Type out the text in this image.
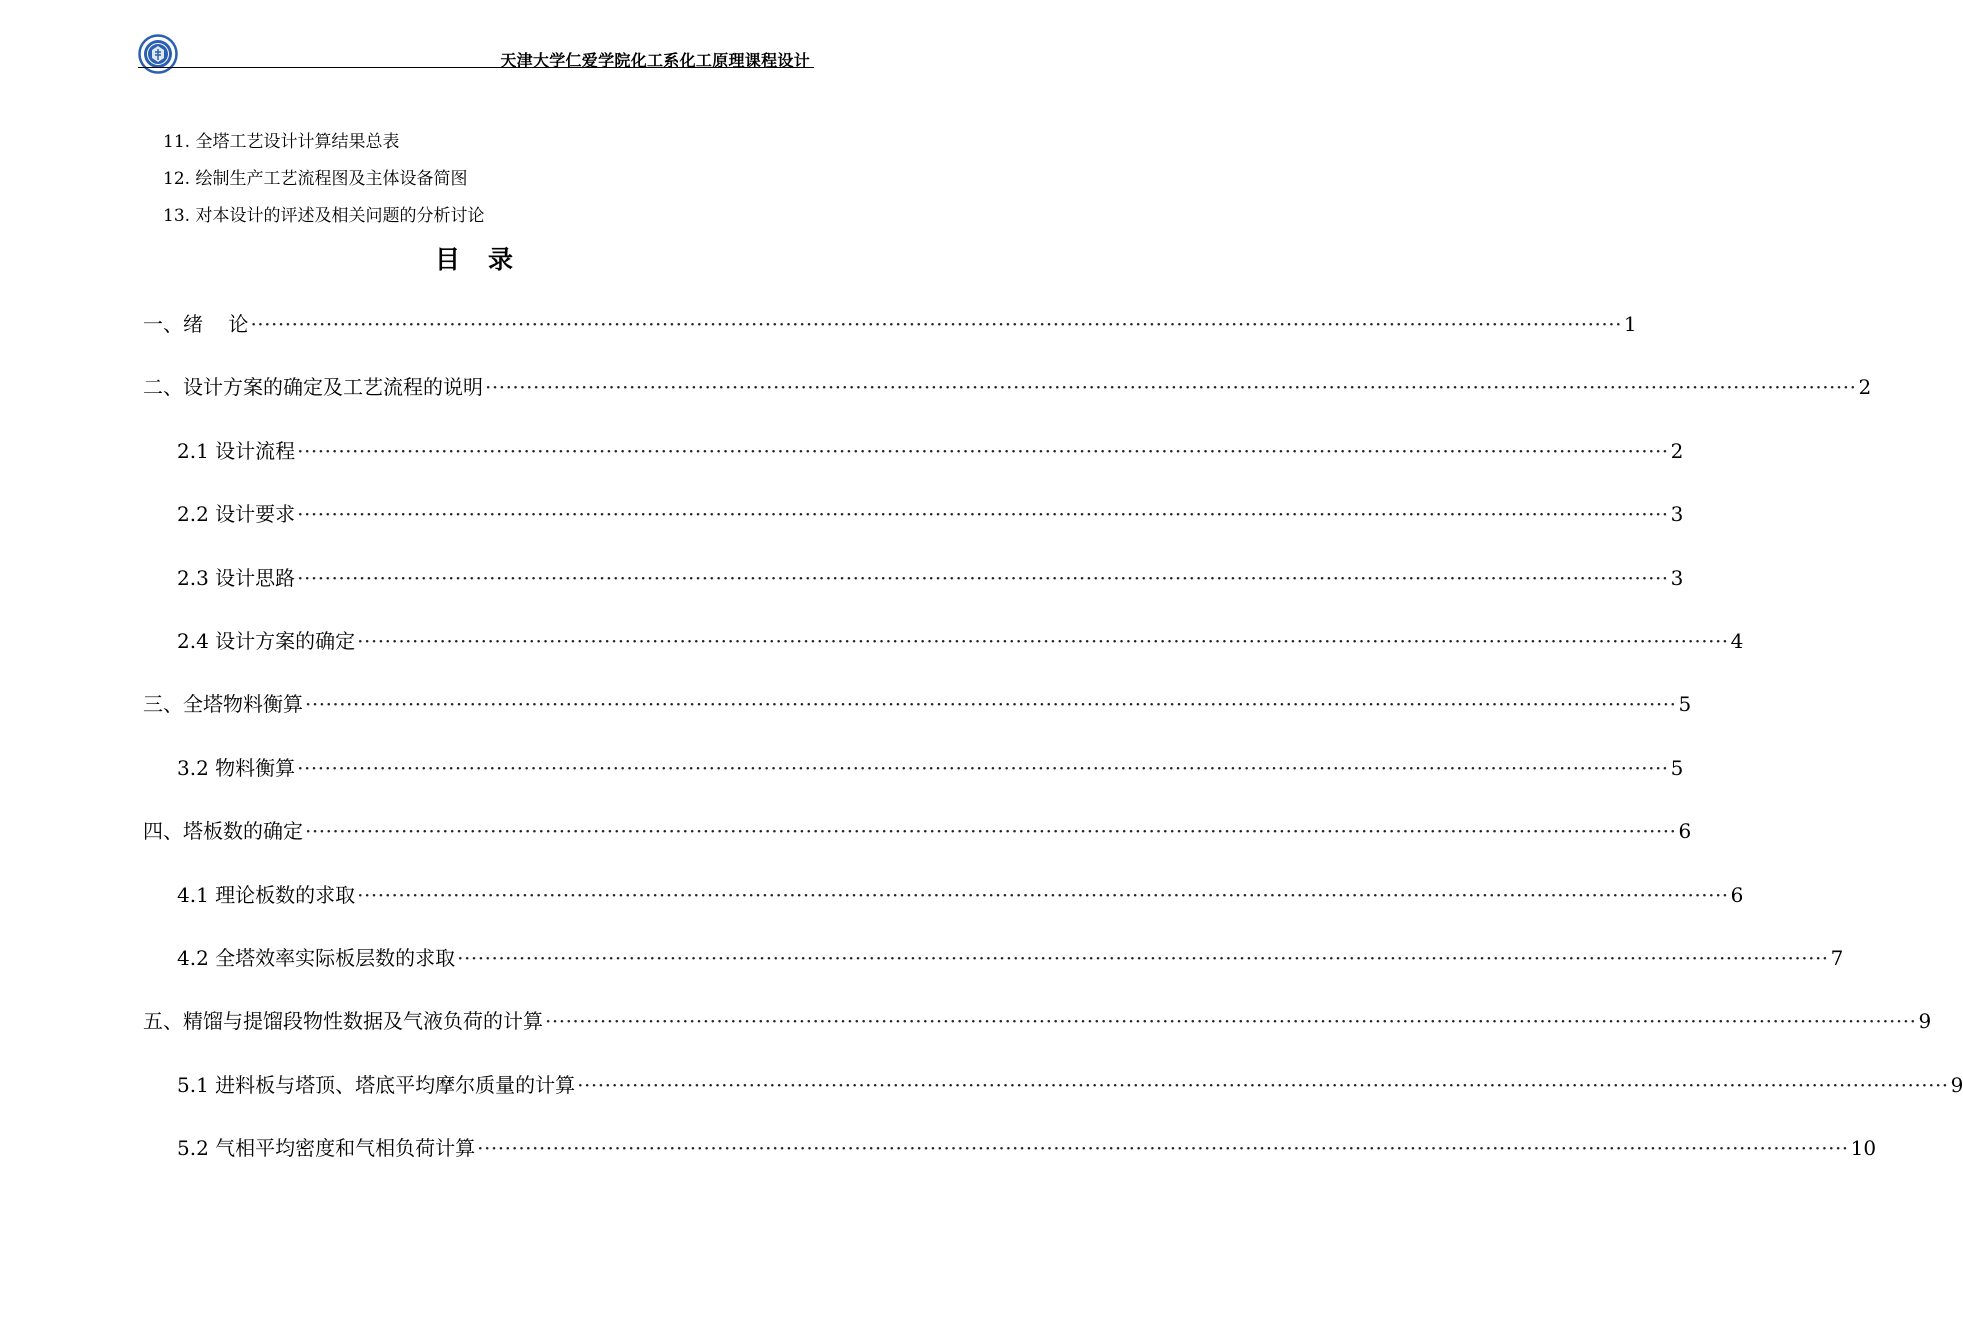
天津大学仁爱学院化工系化工原理课程设计
11. 全塔工艺设计计算结果总表
12. 绘制生产工艺流程图及主体设备简图
13. 对本设计的评述及相关问题的分析讨论
目 录
一、绪    论 ········································································································································································································ 1
二、设计方案的确定及工艺流程的说明 ········································································································································································································ 2
2.1 设计流程 ········································································································································································································ 2
2.2 设计要求 ········································································································································································································ 3
2.3 设计思路 ········································································································································································································ 3
2.4 设计方案的确定 ········································································································································································································ 4
三、全塔物料衡算 ········································································································································································································ 5
3.2 物料衡算 ········································································································································································································ 5
四、塔板数的确定 ········································································································································································································ 6
4.1 理论板数的求取 ········································································································································································································ 6
4.2 全塔效率实际板层数的求取 ········································································································································································································ 7
五、精馏与提馏段物性数据及气液负荷的计算 ········································································································································································································ 9
5.1 进料板与塔顶、塔底平均摩尔质量的计算 ········································································································································································································ 9
5.2 气相平均密度和气相负荷计算 ········································································································································································································ 10
